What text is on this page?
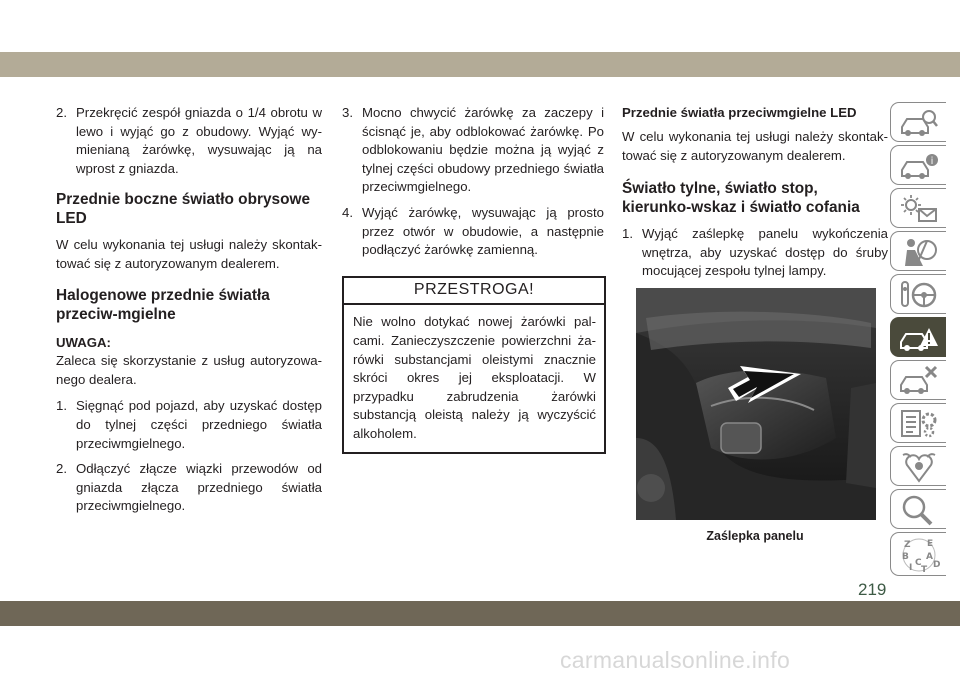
2. Przekręcić zespół gniazda o 1/4 obrotu w lewo i wyjąć go z obudowy. Wyjąć wy-mienianą żarówkę, wysuwając ją na wprost z gniazda.
Przednie boczne światło obrysowe LED

W celu wykonania tej usługi należy skontak-tować się z autoryzowanym dealerem.

Halogenowe przednie światła przeciw-mgielne
UWAGA:

Zaleca się skorzystanie z usług autoryzowa-nego dealera.

1. Sięgnąć pod pojazd, aby uzyskać dostęp do tylnej części przedniego światła przeciwmgielnego.
2. Odłączyć złącze wiązki przewodów od gniazda złącza przedniego światła przeciwmgielnego.
3. Mocno chwycić żarówkę za zaczepy i ścisnąć je, aby odblokować żarówkę. Po odblokowaniu będzie można ją wyjąć z tylnej części obudowy przedniego światła przeciwmgielnego.
4. Wyjąć żarówkę, wysuwając ją prosto przez otwór w obudowie, a następnie podłączyć żarówkę zamienną.
PRZESTROGA!
Nie wolno dotykać nowej żarówki pal-cami. Zanieczyszczenie powierzchni ża-rówki substancjami oleistymi znacznie skróci okres jej eksploatacji. W przypadku zabrudzenia żarówki substancją oleistą należy ją wyczyścić alkoholem.
Przednie światła przeciwmgielne LED

W celu wykonania tej usługi należy skontak-tować się z autoryzowanym dealerem.

Światło tylne, światło stop, kierunko-wskaz i światło cofania
1. Wyjąć zaślepkę panelu wykończenia wnętrza, aby uzyskać dostęp do śruby mocującej zespołu tylnej lampy.
Zaślepka panelu
i
Z E
B A
D
I C
T
219
carmanualsonline.info
